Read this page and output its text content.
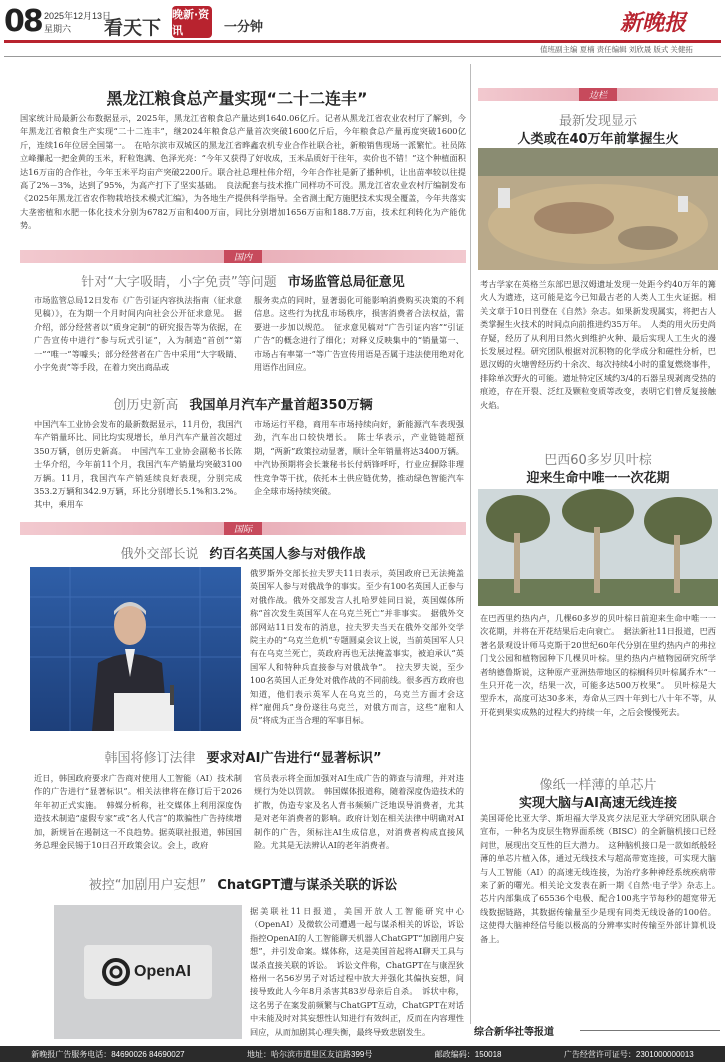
08 2025年12月13日
星期六	看天下
晚新·资讯	一分钟	新晚报
值班副主编 夏楠 责任编辑 刘欣晟 版式 关健拓
黑龙江粮食总产量实现“二十二连丰”
国家统计局最新公布数据显示，2025年，黑龙江省粮食总产量达到1640.06亿斤。记者从黑龙江省农业农村厅了解到，今年黑龙江省粮食生产实现“二十二连丰”，继2024年粮食总产量首次突破1600亿斤后，今年粮食总产量再度突破1600亿斤，连续16年位居全国第一。　在哈尔滨市双城区的黑龙江省晔鑫农机专业合作社联合社，新粮销售现场一派繁忙。社员陈立峰攥起一把金黄的玉米，籽粒饱满、色泽光亮：“今年又获得了好收成，玉米品质好于往年，卖价也不错！”这个种植面积达16万亩的合作社，今年玉米平均亩产突破2200斤。联合社总理杜伟介绍，今年合作社是新了播种机，让出苗率较以往提高了2%－3%，达到了95%，为高产打下了坚实基础。　良法配套与技术推广同样功不可没。黑龙江省农业农村厅编制发布《2025年黑龙江省农作物栽培技术模式汇编》，为各地生产提供科学指导。全省测土配方施肥技术实现全覆盖，今年共落实大垄密植和水肥一体化技术分别为6782万亩和400万亩，同比分别增加1656万亩和188.7万亩，技术红利转化为产能优势。
国内
针对“大字吸睛，小字免责”等问题 市场监管总局征意见
市场监管总局12日发布《广告引证内容执法指南（征求意见稿）》，在为期一个月时间内向社会公开征求意见。　据介绍，部分经营者以“质身定制”的研究报告等为依据，在广告宣传中进行“参与玩式引证”，入为制造“首创”“第一”“唯一”等噱头；部分经营者在广告中采用“大字吸睛、小字免责”等手段，在着力突出商品或
服务卖点的同时，显著弱化可能影响消费购买决策的不利信息。这些行为扰乱市场秩序，损害消费者合法权益，需要进一步加以规范。　征求意见稿对“广告引证内容”“引证广告”的概念进行了细化；对释义反映集中的“销量第一、市场占有率第一”等广告宣传用语是否属于违法使用绝对化用语作出回应。
创历史新高 我国单月汽车产量首超350万辆
中国汽车工业协会发布的最新数据显示，11月份，我国汽车产销量环比、同比均实现增长，单月汽车产量首次超过350万辆，创历史新高。　中国汽车工业协会副秘书长陈士华介绍，今年前11个月，我国汽车产销量均突破3100万辆。11月，我国汽车产销延续良好表现，分别完成353.2万辆和342.9万辆，环比分别增长5.1%和3.2%。其中，乘用车
市场运行平稳，商用车市场持续向好，新能源汽车表现强劲，汽车出口较快增长。　陈士华表示，产业链链超预期，“两新”政策拉动显著，顺计全年销量将达3400万辆。中汽协预期将会长兼秘书长付炳锋呼吁，行业应摒除非理性竞争等干扰，依托本土供应链优势，推动绿色智能汽车企全球市场持续突破。
国际
俄外交部长说 约百名英国人参与对俄作战
俄罗斯外交部长拉夫罗夫11日表示，英国政府已无法掩盖英国军人参与对俄战争的事实。至少有100名英国人正参与对俄作战。俄外交部发言人扎哈罗娃同日说，英国媒体所称“首次发生英国军人在乌克兰死亡”并非事实。　据俄外交部网站11日发布的消息，拉夫罗夫当天在俄外交部外交学院主办的“乌克兰危机”专题圆桌会议上说，当前英国军人只有在乌克兰死亡，英政府再也无法掩盖事实，被迫承认“英国军人和特种兵直接参与对俄战争”。　拉夫罗夫说，至少100名英国人正身处对俄作战的不同前线。很多西方政府也知道，他们表示英军人在乌克兰的，乌克兰方面才会这样“雇佣兵”身份遂往乌克兰，对俄方而言，这些“雇和人员”将成为正当合理的军事目标。
韩国将修订法律 要求对AI广告进行“显著标识”
近日，韩国政府要求广告商对使用人工智能（AI）技术制作的广告进行“显著标识”。相关法律将在修订后于2026年年初正式实施。　韩媒分析称，社交媒体上利用深度伪造技术制造“虚假专家”或“名人代言”的欺骗性广告持续增加，新规旨在遏制这一不良趋势。据英联社报道，韩国国务总理金民锡于10日召开政策会议。会上，政府
官员表示将全面加强对AI生成广告的筛查与清理，并对违规行为处以罚款。　韩国媒体报道称，随着深度伪造技术的扩散，伪造专家及名人背书频频广泛地误导消费者，尤其是对老年消费者的影响。政府计划在相关法律中明确对AI制作的广告，须标注AI生成信息，对消费者构成直接风险。尤其是无法辨认AI的老年消费者。
被控“加剧用户妄想” ChatGPT遭与谋杀关联的诉讼
OpenAI
据美联社11日报道，美国开放人工智能研究中心（OpenAI）及微软公司遭遇一起与谋杀相关的诉讼，诉讼指控OpenAI的人工智能聊天机器人ChatGPT“加剧用户妄想”，并引发命案。媒体称，这是美国首起将AI聊天工具与谋杀直接关联的诉讼。　诉讼文件称，ChatGPT在与康涅狄格州一名56岁男子对话过程中放大并强化其偏执妄想，间接导致此人今年8月杀害其83岁母亲后自杀。　诉状中称，这名男子在案发前频繁与ChatGPT互动，ChatGPT在对话中未能及时对其妄想性认知进行有效纠正，反而在内容理性回应，从而加剧其心理失衡，最终导致悲剧发生。
边栏
最新发现显示
人类或在40万年前掌握生火
考古学家在英格兰东部巴恩汉姆遗址发现一处距今约40万年的篝火人为遗迹，这可能是迄今已知最古老的人类人工生火证据。相关文章于10日刊登在《自然》杂志。如果新发现属实，将把古人类掌握生火技术的时间点向前推进约35万年。　人类的用火历史尚存疑，经历了从利用日然火到维护火种、最后实现人工生火的漫长发展过程。研究团队根据对沉积物的化学成分和磁性分析，巴恩汉姆的火塘曾经历约十余次、每次持续4小时的重复燃烧事件，排除单次野火的可能。遗址特定区域约3/4的石器呈现剥离受热的痕迹，存在开裂、泛红及颗粒变质等改变，表明它们曾反复接触火焰。
巴西60多岁贝叶棕
迎来生命中唯一一次花期
在巴西里约热内卢，几棵60多岁的贝叶棕日前迎来生命中唯一一次花期，并将在开花结果后走向衰亡。　据法新社11日报道，巴西著名景观设计师马克斯于20世纪60年代分别在里约热内卢的弗拉门戈公园和植物园种下几棵贝叶棕。里约热内卢植物园研究所学者纳德鲁斯说，这种原产亚洲热带地区的棕榈科贝叶棕属乔木“一生只开花一次，结果一次，可能多达500万枚果”。　贝叶棕是大型乔木，高度可达30多米，寿命从三四十年到七八十年不等，从开花到果实成熟的过程大约持续一年，之后会慢慢死去。
像纸一样薄的单芯片
实现大脑与AI高速无线连接
美国哥伦比亚大学、斯坦福大学及宾夕法尼亚大学研究团队联合宣布，一种名为皮层生物界面系统（BISC）的全新脑机接口已经问世，展现出交互性的巨大潜力。　这种脑机接口是一款如纸般轻薄的单芯片植入体，通过无线技术与超高带宽连接，可实现大脑与人工智能（AI）的高速无线连接，为治疗多种神经系统疾病带来了新的曙光。相关论文发表在新一期《自然·电子学》杂志上。　芯片内部集成了65536个电极、配合100兆字节每秒的超宽带无线数据链路，其数据传输量至少是现有同类无线设备的100倍。这使得大脑神经信号能以极高的分辨率实时传输至外部计算机设备上。
综合新华社等报道
新晚报广告服务电话：84690026 84690027	地址：哈尔滨市道里区友谊路399号	邮政编码：150018	广告经营许可证号：2301000000013
